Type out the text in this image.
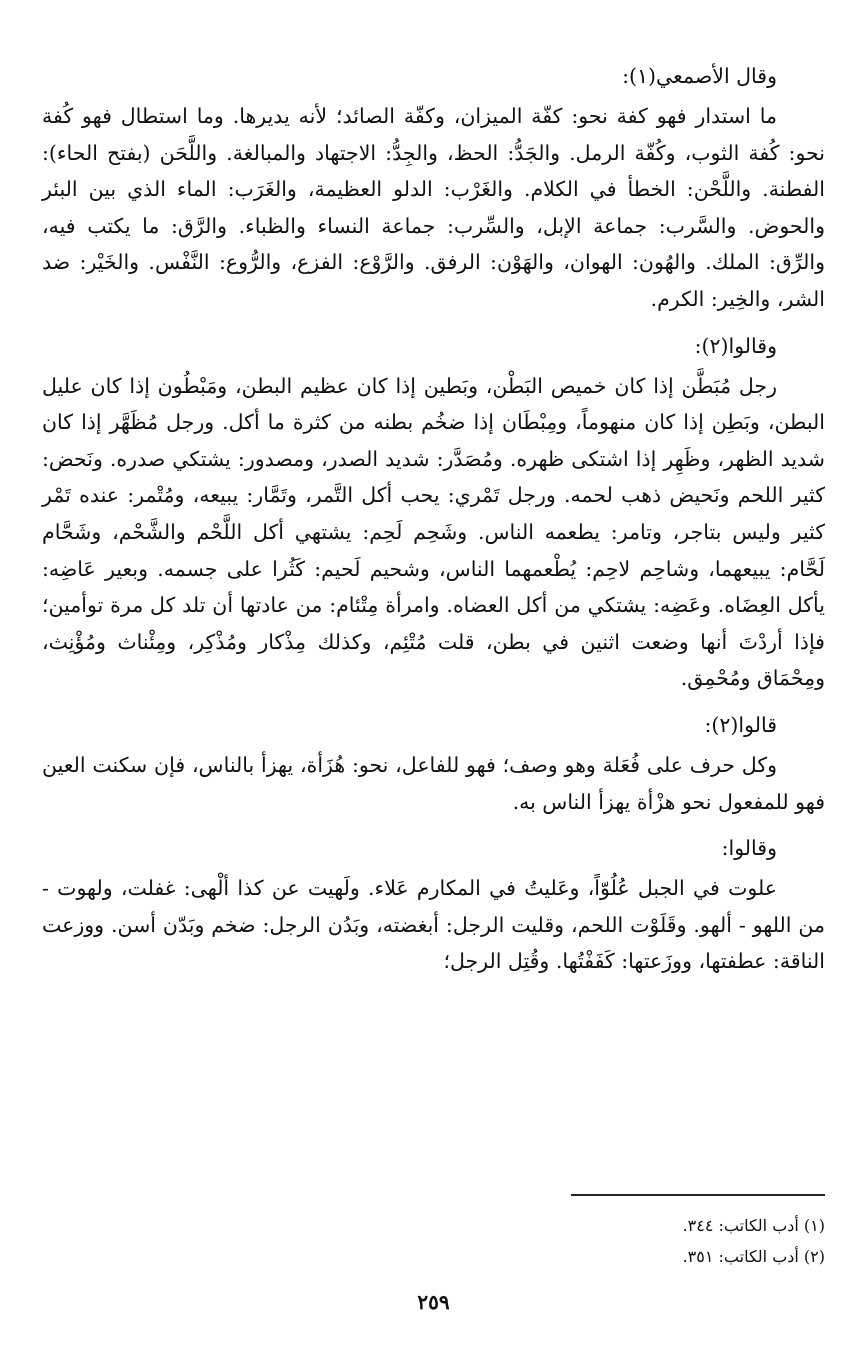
وقال الأصمعي(١):

ما استدار فهو كفة نحو: كفّة الميزان، وكفّة الصائد؛ لأنه يديرها. وما استطال فهو كُفة نحو: كُفة الثوب، وكُفّة الرمل. والجَدُّ: الحظ، والجِدُّ: الاجتهاد والمبالغة. واللَّحَن (بفتح الحاء): الفطنة. واللَّحْن: الخطأ في الكلام. والغَرْب: الدلو العظيمة، والغَرَب: الماء الذي بين البئر والحوض. والسَّرب: جماعة الإبل، والسِّرب: جماعة النساء والظباء. والرَّق: ما يكتب فيه، والرِّق: الملك. والهُون: الهوان، والهَوْن: الرفق. والرَّوْع: الفزع، والرُّوع: النَّفْس. والخَيْر: ضد الشر، والخِير: الكرم.

وقالوا(٢):

رجل مُبَطَّن إذا كان خميص البَطْن، وبَطين إذا كان عظيم البطن، ومَبْطُون إذا كان عليل البطن، وبَطِن إذا كان منهوماً، ومِبْطَان إذا ضخُم بطنه من كثرة ما أكل. ورجل مُظَهَّر إذا كان شديد الظهر، وظَهِر إذا اشتكى ظهره. ومُصَدَّر: شديد الصدر، ومصدور: يشتكي صدره. ونَحض: كثير اللحم ونَحيض ذهب لحمه. ورجل تَمْري: يحب أكل التَّمر، وتَمَّار: يبيعه، ومُتْمر: عنده تَمْر كثير وليس بتاجر، وتامر: يطعمه الناس. وشَحِم لَحِم: يشتهي أكل اللَّحْم والشَّحْم، وشَحَّام لَحَّام: يبيعهما، وشاحِم لاحِم: يُطْعمهما الناس، وشحيم لَحيم: كَثُرا على جسمه. وبعير عَاضِه: يأكل العِضَاه. وعَضِه: يشتكي من أكل العضاه. وامرأة مِتْئام: من عادتها أن تلد كل مرة توأمين؛ فإذا أردْتَ أنها وضعت اثنين في بطن، قلت مُتْئِم، وكذلك مِذْكار ومُذْكِر، ومِئْناث ومُؤْنِث، ومِحْمَاق ومُحْمِق.

قالوا(٢):

وكل حرف على فُعَلة وهو وصف؛ فهو للفاعل، نحو: هُزَأة، يهزأ بالناس، فإن سكنت العين فهو للمفعول نحو هزْأة يهزأ الناس به.

وقالوا:

علوت في الجبل عُلُوّاً، وعَليتُ في المكارم عَلاء. ولَهيت عن كذا ألْهى: غفلت، ولهوت - من اللهو - ألهو. وقَلَوْت اللحم، وقليت الرجل: أبغضته، وبَدُن الرجل: ضخم وبَدّن أسن. ووزعت الناقة: عطفتها، ووزَعتها: كَفَفْتُها. وقُتِل الرجل؛

(١) أدب الكاتب: ٣٤٤.

(٢) أدب الكاتب: ٣٥١.

٢٥٩
